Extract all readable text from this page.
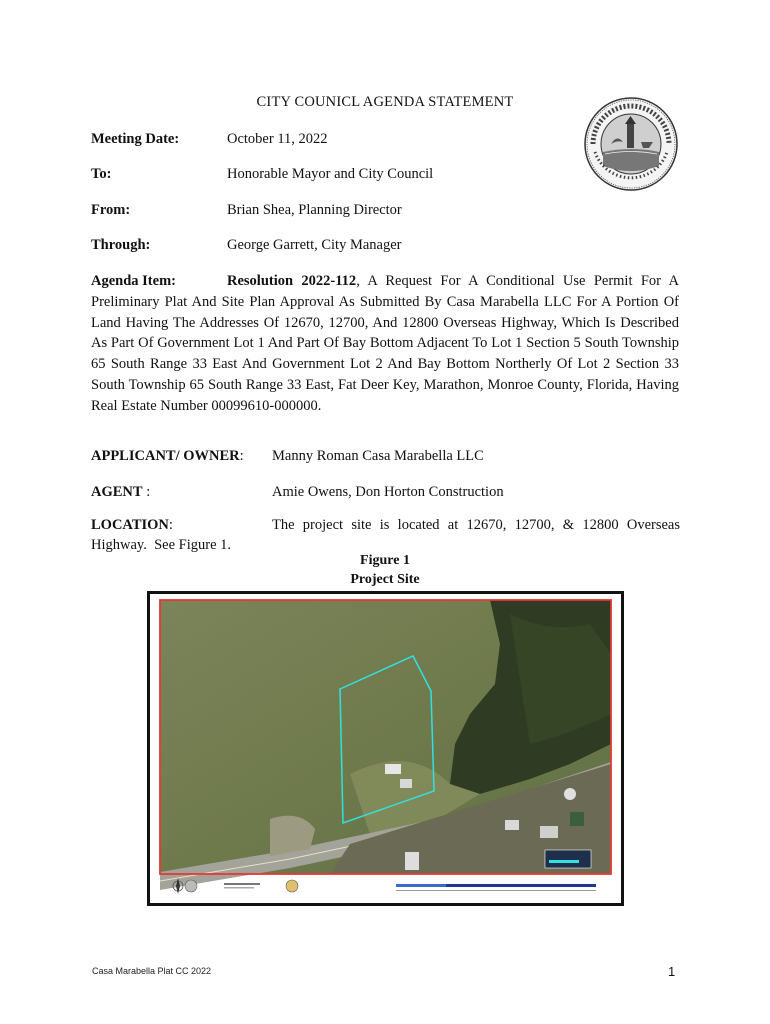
CITY COUNICL AGENDA STATEMENT
Meeting Date:	October 11, 2022
To:	Honorable Mayor and City Council
From:	Brian Shea, Planning Director
Through:	George Garrett, City Manager
Agenda Item:	Resolution 2022-112, A Request For A Conditional Use Permit For A Preliminary Plat And Site Plan Approval As Submitted By Casa Marabella LLC For A Portion Of Land Having The Addresses Of 12670, 12700, And 12800 Overseas Highway, Which Is Described As Part Of Government Lot 1 And Part Of Bay Bottom Adjacent To Lot 1 Section 5 South Township 65 South Range 33 East And Government Lot 2 And Bay Bottom Northerly Of Lot 2 Section 33 South Township 65 South Range 33 East, Fat Deer Key, Marathon, Monroe County, Florida, Having Real Estate Number 00099610-000000.
APPLICANT/ OWNER: Manny Roman Casa Marabella LLC
AGENT :	Amie Owens, Don Horton Construction
LOCATION:	The project site is located at 12670, 12700, & 12800 Overseas
Highway.  See Figure 1.
Figure 1
Project Site
Casa Marabella Plat CC 2022	1
